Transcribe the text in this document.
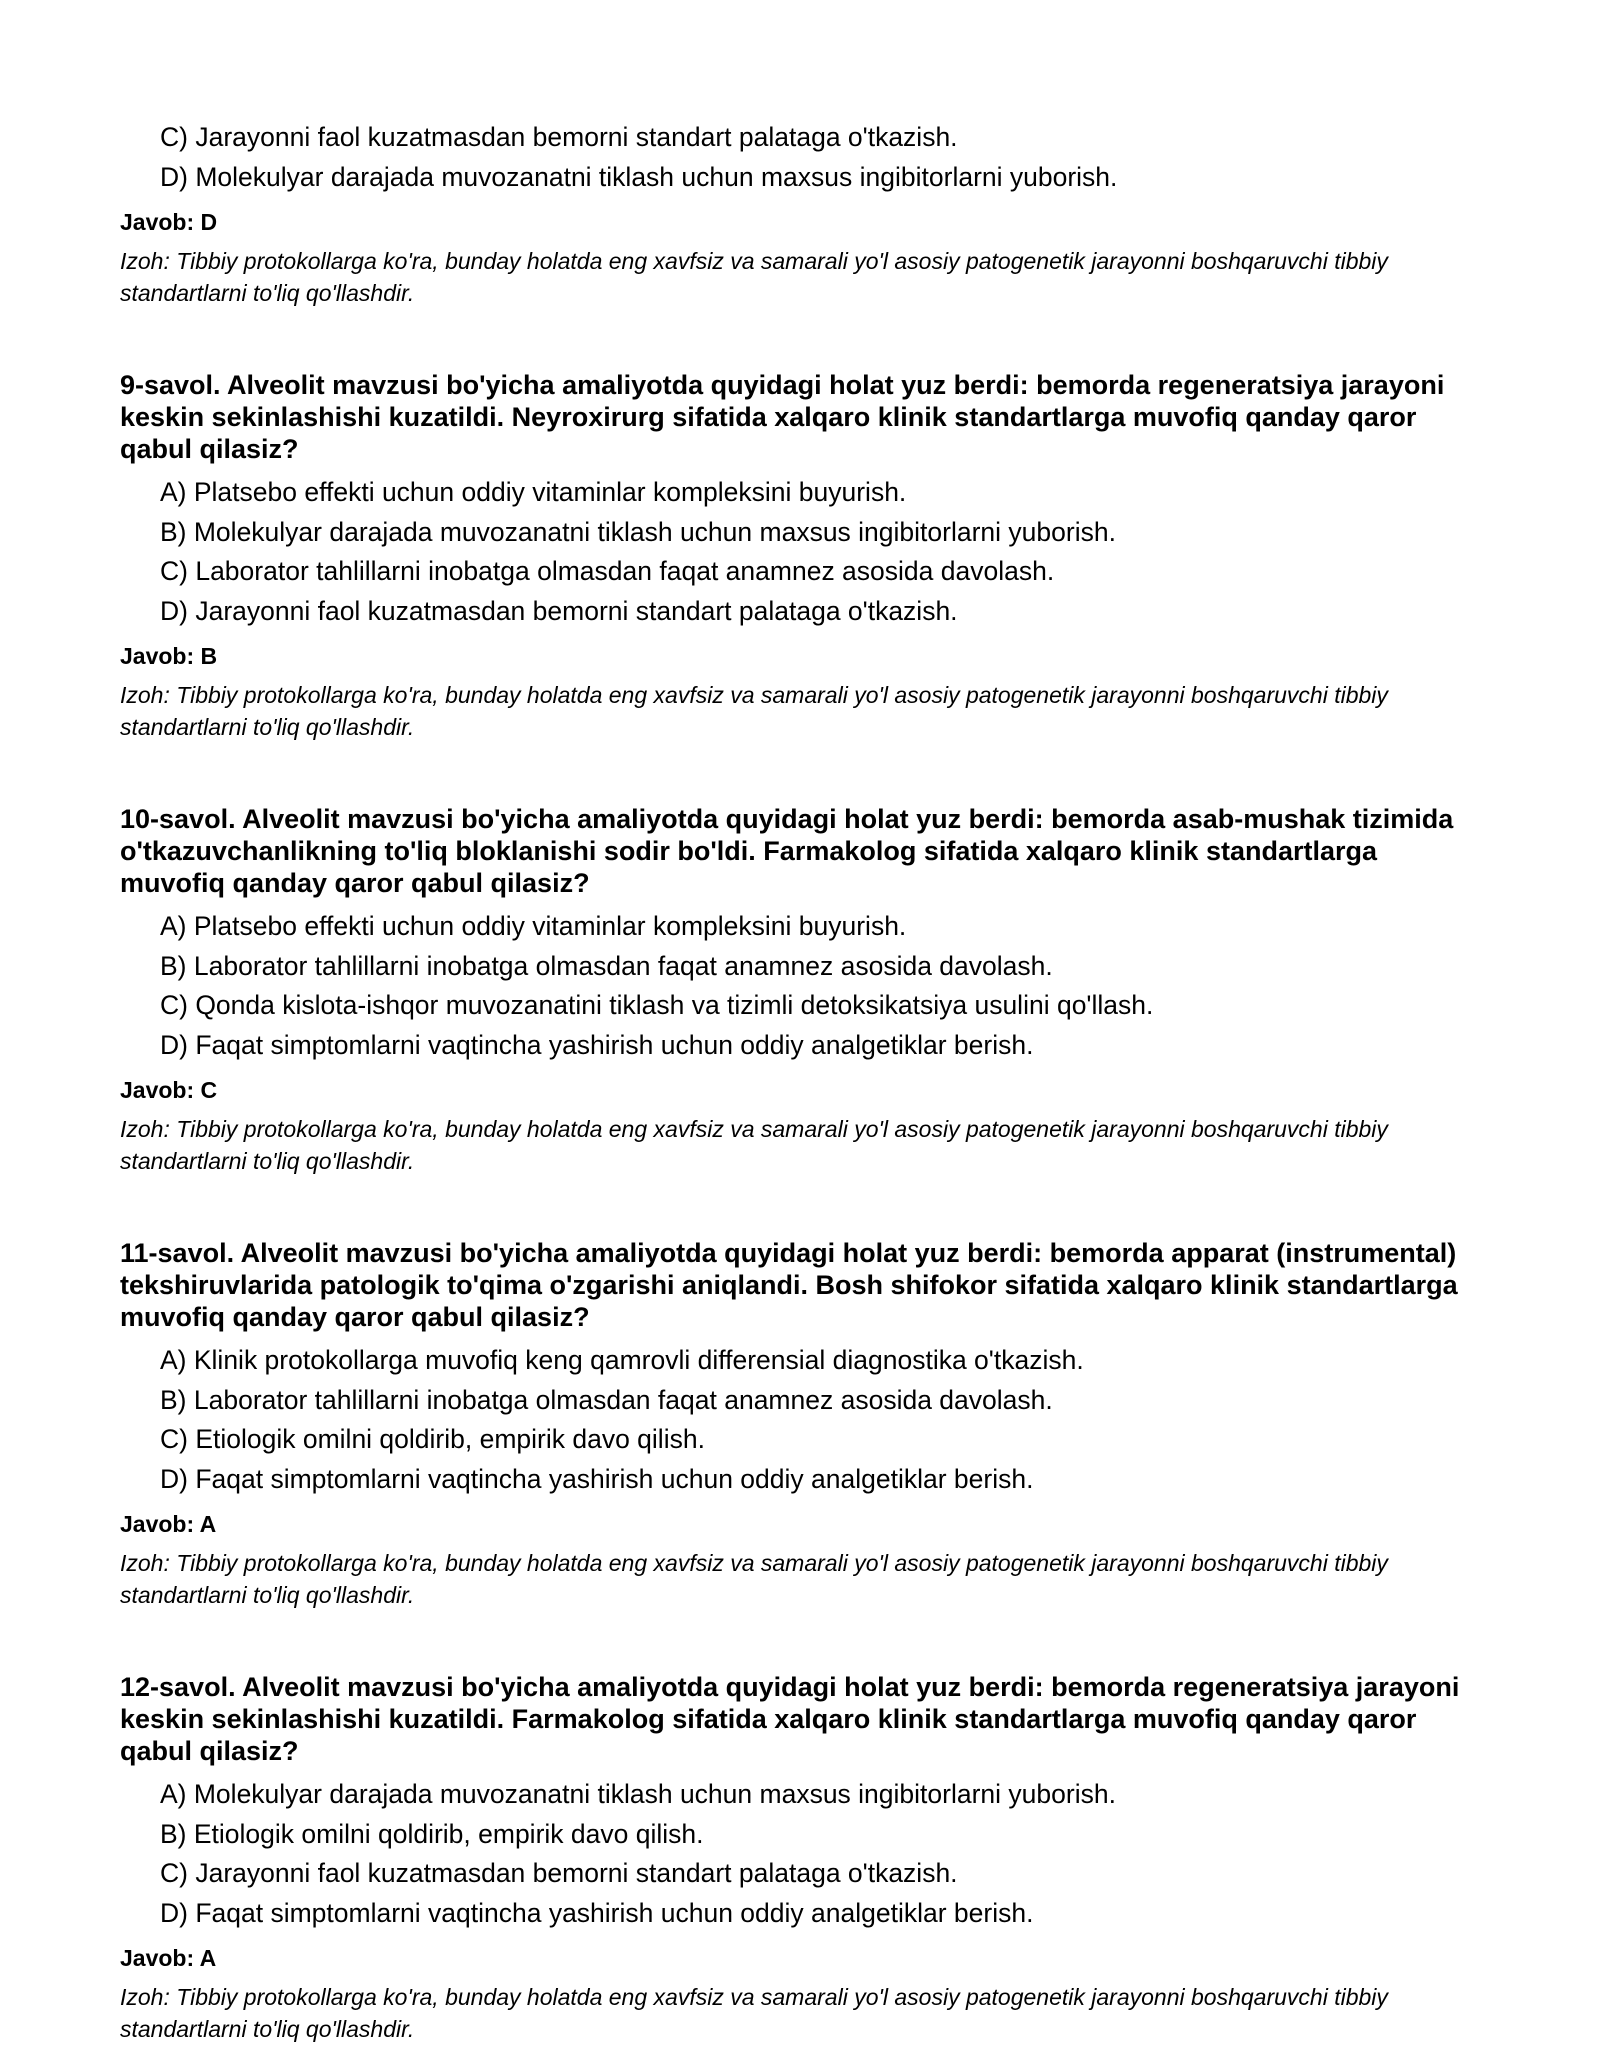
C) Jarayonni faol kuzatmasdan bemorni standart palataga o'tkazish.
D) Molekulyar darajada muvozanatni tiklash uchun maxsus ingibitorlarni yuborish.
Javob: D
Izoh: Tibbiy protokollarga ko'ra, bunday holatda eng xavfsiz va samarali yo'l asosiy patogenetik jarayonni boshqaruvchi tibbiy standartlarni to'liq qo'llashdir.
9-savol. Alveolit mavzusi bo'yicha amaliyotda quyidagi holat yuz berdi: bemorda regeneratsiya jarayoni keskin sekinlashishi kuzatildi. Neyroxirurg sifatida xalqaro klinik standartlarga muvofiq qanday qaror qabul qilasiz?
A) Platsebo effekti uchun oddiy vitaminlar kompleksini buyurish.
B) Molekulyar darajada muvozanatni tiklash uchun maxsus ingibitorlarni yuborish.
C) Laborator tahlillarni inobatga olmasdan faqat anamnez asosida davolash.
D) Jarayonni faol kuzatmasdan bemorni standart palataga o'tkazish.
Javob: B
Izoh: Tibbiy protokollarga ko'ra, bunday holatda eng xavfsiz va samarali yo'l asosiy patogenetik jarayonni boshqaruvchi tibbiy standartlarni to'liq qo'llashdir.
10-savol. Alveolit mavzusi bo'yicha amaliyotda quyidagi holat yuz berdi: bemorda asab-mushak tizimida o'tkazuvchanlikning to'liq bloklanishi sodir bo'ldi. Farmakolog sifatida xalqaro klinik standartlarga muvofiq qanday qaror qabul qilasiz?
A) Platsebo effekti uchun oddiy vitaminlar kompleksini buyurish.
B) Laborator tahlillarni inobatga olmasdan faqat anamnez asosida davolash.
C) Qonda kislota-ishqor muvozanatini tiklash va tizimli detoksikatsiya usulini qo'llash.
D) Faqat simptomlarni vaqtincha yashirish uchun oddiy analgetiklar berish.
Javob: C
Izoh: Tibbiy protokollarga ko'ra, bunday holatda eng xavfsiz va samarali yo'l asosiy patogenetik jarayonni boshqaruvchi tibbiy standartlarni to'liq qo'llashdir.
11-savol. Alveolit mavzusi bo'yicha amaliyotda quyidagi holat yuz berdi: bemorda apparat (instrumental) tekshiruvlarida patologik to'qima o'zgarishi aniqlandi. Bosh shifokor sifatida xalqaro klinik standartlarga muvofiq qanday qaror qabul qilasiz?
A) Klinik protokollarga muvofiq keng qamrovli differensial diagnostika o'tkazish.
B) Laborator tahlillarni inobatga olmasdan faqat anamnez asosida davolash.
C) Etiologik omilni qoldirib, empirik davo qilish.
D) Faqat simptomlarni vaqtincha yashirish uchun oddiy analgetiklar berish.
Javob: A
Izoh: Tibbiy protokollarga ko'ra, bunday holatda eng xavfsiz va samarali yo'l asosiy patogenetik jarayonni boshqaruvchi tibbiy standartlarni to'liq qo'llashdir.
12-savol. Alveolit mavzusi bo'yicha amaliyotda quyidagi holat yuz berdi: bemorda regeneratsiya jarayoni keskin sekinlashishi kuzatildi. Farmakolog sifatida xalqaro klinik standartlarga muvofiq qanday qaror qabul qilasiz?
A) Molekulyar darajada muvozanatni tiklash uchun maxsus ingibitorlarni yuborish.
B) Etiologik omilni qoldirib, empirik davo qilish.
C) Jarayonni faol kuzatmasdan bemorni standart palataga o'tkazish.
D) Faqat simptomlarni vaqtincha yashirish uchun oddiy analgetiklar berish.
Javob: A
Izoh: Tibbiy protokollarga ko'ra, bunday holatda eng xavfsiz va samarali yo'l asosiy patogenetik jarayonni boshqaruvchi tibbiy standartlarni to'liq qo'llashdir.
